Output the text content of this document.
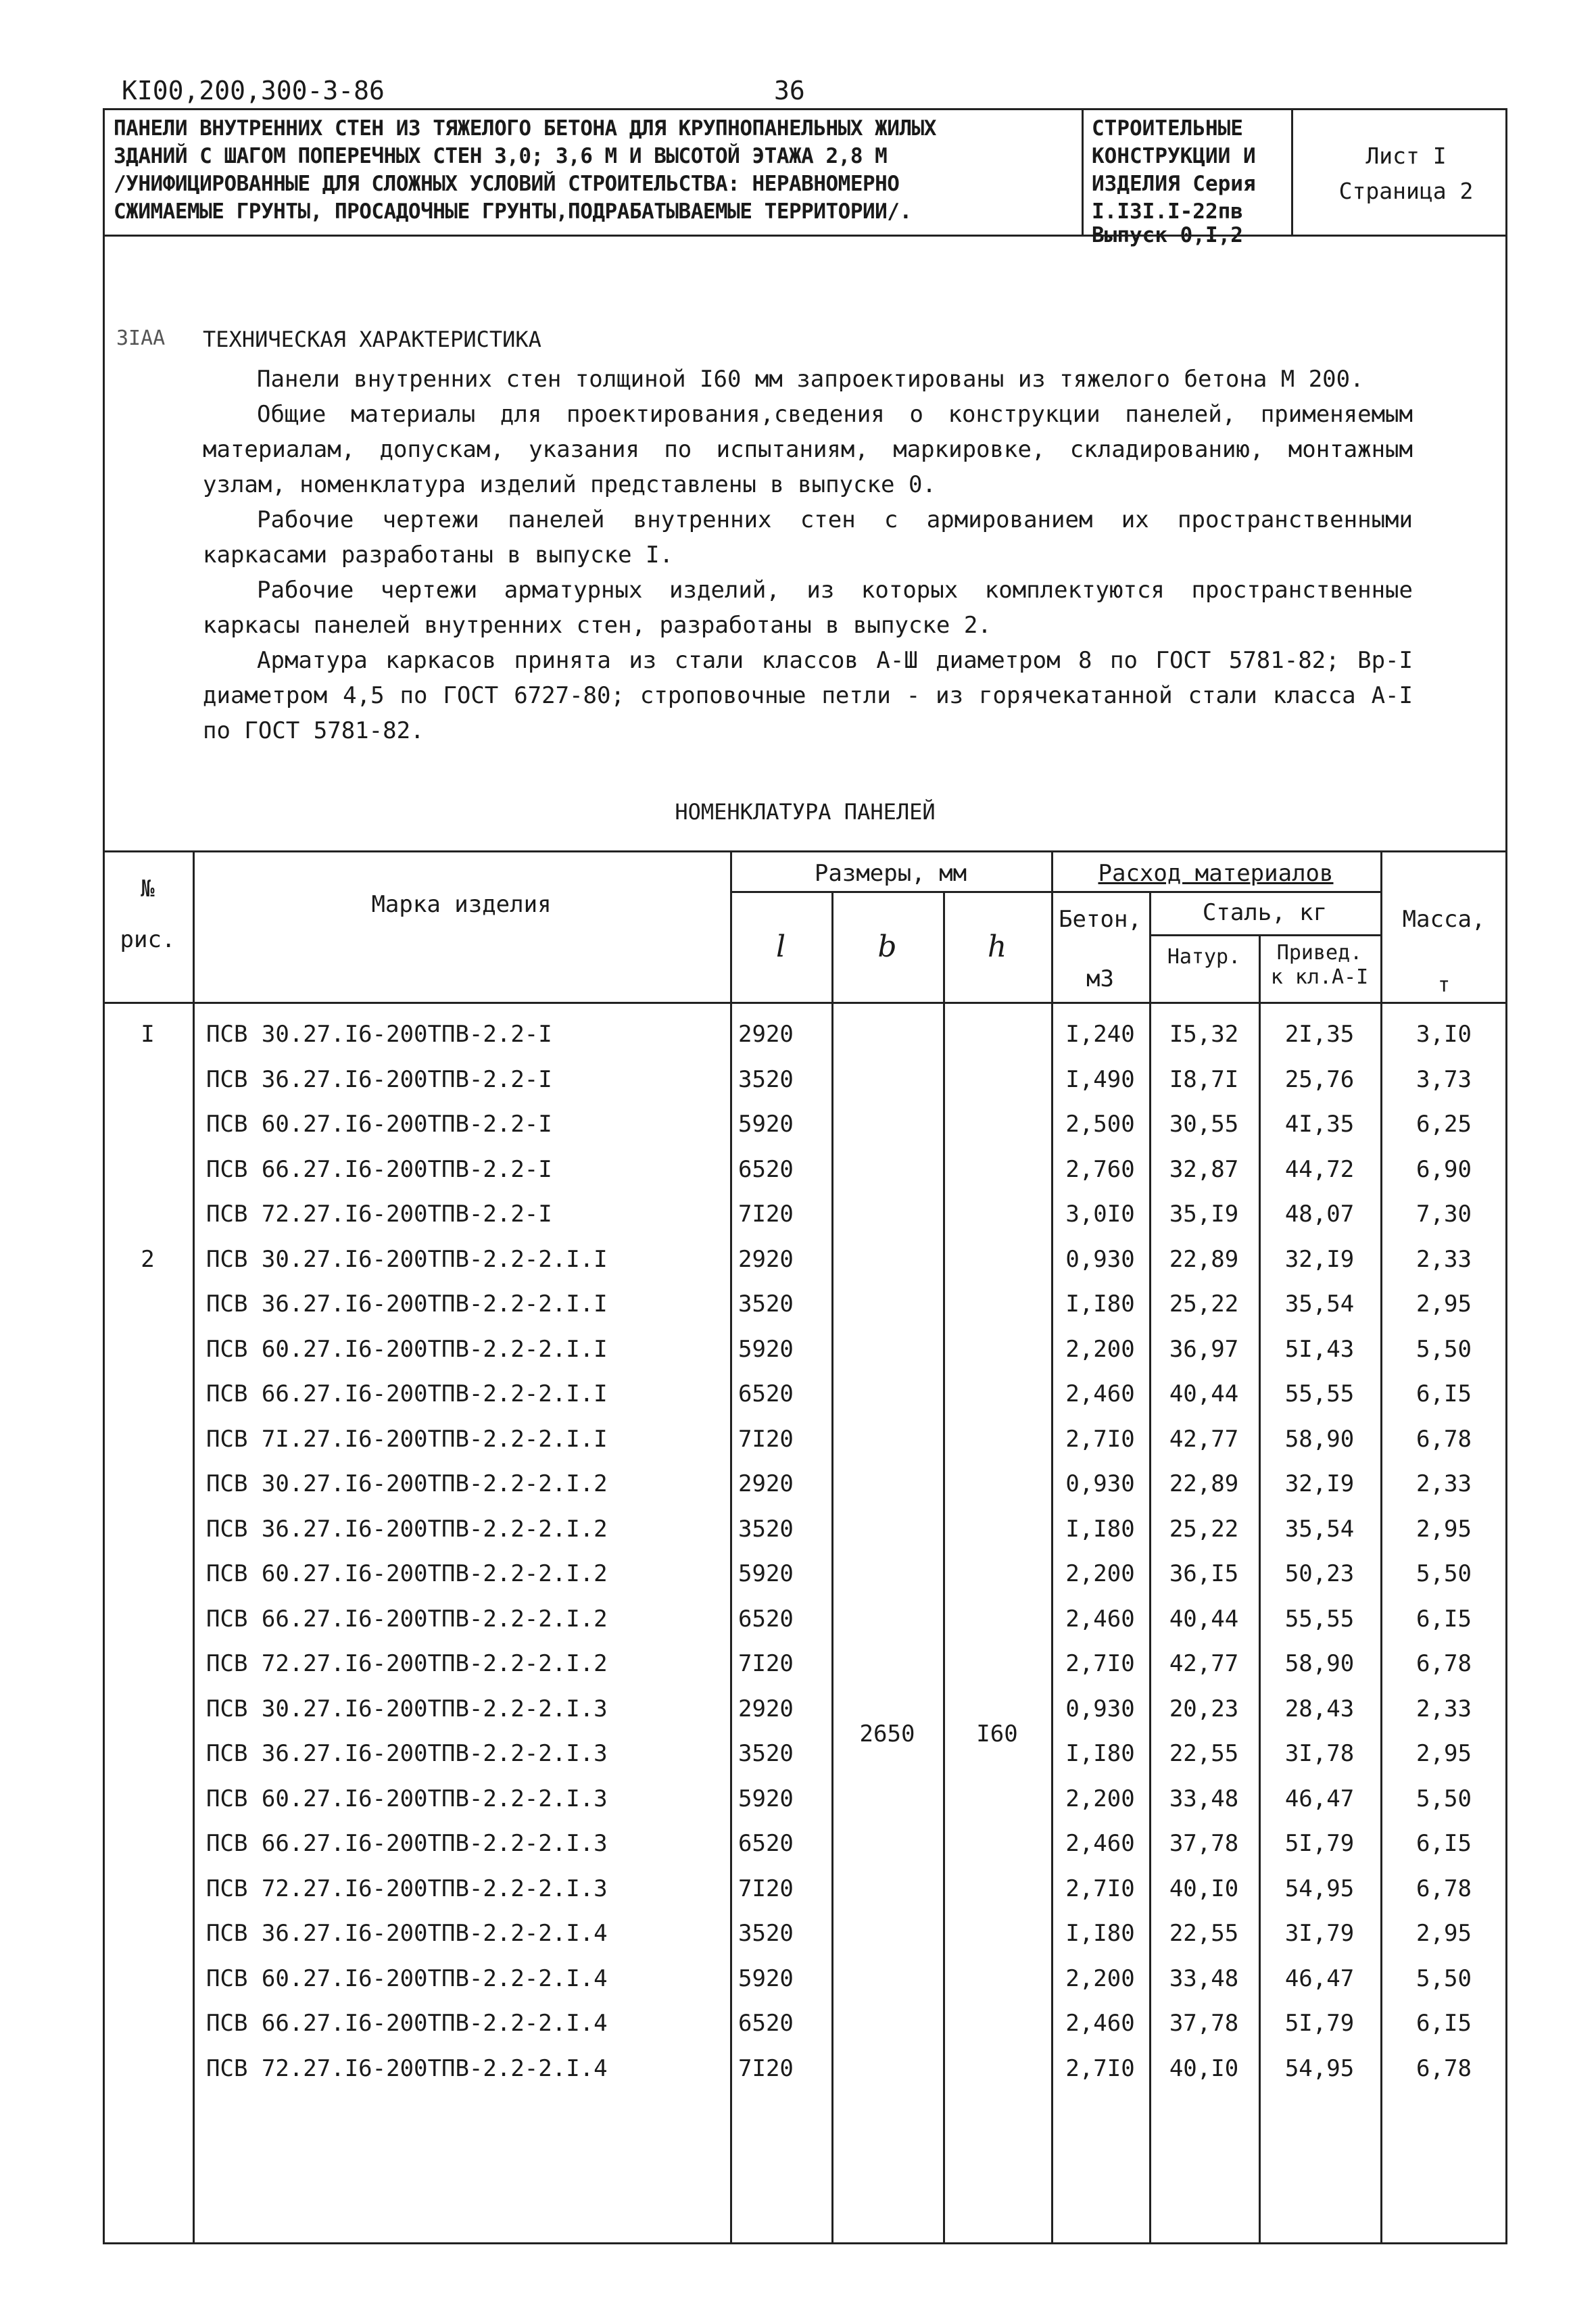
КI00,200,300-3-86	36
ПАНЕЛИ ВНУТРЕННИХ СТЕН ИЗ ТЯЖЕЛОГО БЕТОНА ДЛЯ КРУПНОПАНЕЛЬНЫХ ЖИЛЫХ
ЗДАНИЙ С ШАГОМ ПОПЕРЕЧНЫХ СТЕН 3,0; 3,6 М И ВЫСОТОЙ ЭТАЖА 2,8 М
/УНИФИЦИРОВАННЫЕ ДЛЯ СЛОЖНЫХ УСЛОВИЙ СТРОИТЕЛЬСТВА: НЕРАВНОМЕРНО
СЖИМАЕМЫЕ ГРУНТЫ, ПРОСАДОЧНЫЕ ГРУНТЫ,ПОДРАБАТЫВАЕМЫЕ ТЕРРИТОРИИ/.
СТРОИТЕЛЬНЫЕ
КОНСТРУКЦИИ И
ИЗДЕЛИЯ Серия
I.I3I.I-22пв
Выпуск 0,I,2
Лист I
Страница 2
ЗIАА ТЕХНИЧЕСКАЯ ХАРАКТЕРИСТИКА

Панели внутренних стен толщиной I60 мм запроектированы из тяжелого бетона М 200.

Общие материалы для проектирования,сведения о конструкции панелей, применяемым материалам, допускам, указания по испытаниям, маркировке, складированию, монтажным узлам, номенклатура изделий представлены в выпуске 0.

Рабочие чертежи панелей внутренних стен с армированием их пространственными каркасами разработаны в выпуске I.

Рабочие чертежи арматурных изделий, из которых комплектуются пространственные каркасы панелей внутренних стен, разработаны в выпуске 2.

Арматура каркасов принята из стали классов А-Ш диаметром 8 по ГОСТ 5781-82; Вр-I диаметром 4,5 по ГОСТ 6727-80; строповочные петли - из горячекатанной стали класса А-I по ГОСТ 5781-82.

НОМЕНКЛАТУРА ПАНЕЛЕЙ
№
рис.
Марка изделия
Размеры, мм
l	b	h
Расход материалов
Бетон,
м3
Сталь, кг
Натур.	Привед.
к кл.А-I
Масса,
т
2650	I60
I	ПСВ 30.27.I6-200ТПВ-2.2-I	2920	I,240	I5,32	2I,35	3,I0
ПСВ 36.27.I6-200ТПВ-2.2-I	3520	I,490	I8,7I	25,76	3,73
ПСВ 60.27.I6-200ТПВ-2.2-I	5920	2,500	30,55	4I,35	6,25
ПСВ 66.27.I6-200ТПВ-2.2-I	6520	2,760	32,87	44,72	6,90
ПСВ 72.27.I6-200ТПВ-2.2-I	7I20	3,0I0	35,I9	48,07	7,30
2	ПСВ 30.27.I6-200ТПВ-2.2-2.I.I	2920	0,930	22,89	32,I9	2,33
ПСВ 36.27.I6-200ТПВ-2.2-2.I.I	3520	I,I80	25,22	35,54	2,95
ПСВ 60.27.I6-200ТПВ-2.2-2.I.I	5920	2,200	36,97	5I,43	5,50
ПСВ 66.27.I6-200ТПВ-2.2-2.I.I	6520	2,460	40,44	55,55	6,I5
ПСВ 7I.27.I6-200ТПВ-2.2-2.I.I	7I20	2,7I0	42,77	58,90	6,78
ПСВ 30.27.I6-200ТПВ-2.2-2.I.2	2920	0,930	22,89	32,I9	2,33
ПСВ 36.27.I6-200ТПВ-2.2-2.I.2	3520	I,I80	25,22	35,54	2,95
ПСВ 60.27.I6-200ТПВ-2.2-2.I.2	5920	2,200	36,I5	50,23	5,50
ПСВ 66.27.I6-200ТПВ-2.2-2.I.2	6520	2,460	40,44	55,55	6,I5
ПСВ 72.27.I6-200ТПВ-2.2-2.I.2	7I20	2,7I0	42,77	58,90	6,78
ПСВ 30.27.I6-200ТПВ-2.2-2.I.3	2920	0,930	20,23	28,43	2,33
ПСВ 36.27.I6-200ТПВ-2.2-2.I.3	3520	I,I80	22,55	3I,78	2,95
ПСВ 60.27.I6-200ТПВ-2.2-2.I.3	5920	2,200	33,48	46,47	5,50
ПСВ 66.27.I6-200ТПВ-2.2-2.I.3	6520	2,460	37,78	5I,79	6,I5
ПСВ 72.27.I6-200ТПВ-2.2-2.I.3	7I20	2,7I0	40,I0	54,95	6,78
ПСВ 36.27.I6-200ТПВ-2.2-2.I.4	3520	I,I80	22,55	3I,79	2,95
ПСВ 60.27.I6-200ТПВ-2.2-2.I.4	5920	2,200	33,48	46,47	5,50
ПСВ 66.27.I6-200ТПВ-2.2-2.I.4	6520	2,460	37,78	5I,79	6,I5
ПСВ 72.27.I6-200ТПВ-2.2-2.I.4	7I20	2,7I0	40,I0	54,95	6,78
